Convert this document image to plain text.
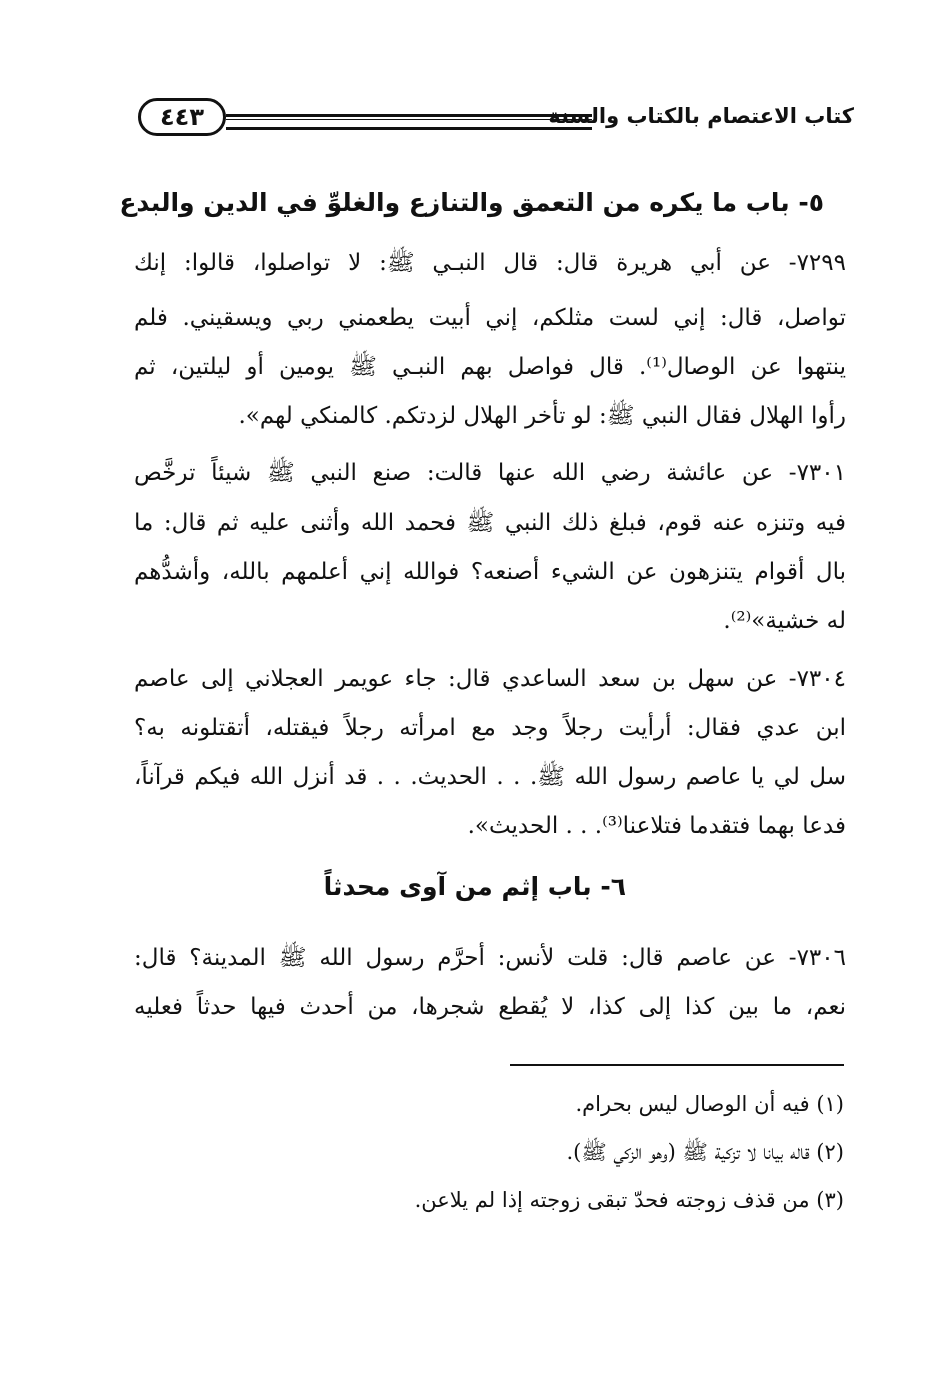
كتاب الاعتصام بالكتاب والسنة
٤٤٣
٥- باب ما يكره من التعمق والتنازع والغلوِّ في الدين والبدع
٧٢٩٩- عن أبي هريرة قال: قال النبـي ﷺ: لا تواصلوا، قالوا: إنك
تواصل، قال: إني لست مثلكم، إني أبيت يطعمني ربي ويسقيني. فلم
ينتهوا عن الوصال⁽¹⁾. قال فواصل بهم النبـي ﷺ يومين أو ليلتين، ثم
رأوا الهلال فقال النبي ﷺ: لو تأخر الهلال لزدتكم. كالمنكي لهم».
٧٣٠١- عن عائشة رضي الله عنها قالت: صنع النبي ﷺ شيئاً ترخَّص
فيه وتنزه عنه قوم، فبلغ ذلك النبي ﷺ فحمد الله وأثنى عليه ثم قال: ما
بال أقوام يتنزهون عن الشيء أصنعه؟ فوالله إني أعلمهم بالله، وأشدُّهم
له خشية»⁽²⁾.
٧٣٠٤- عن سهل بن سعد الساعدي قال: جاء عويمر العجلاني إلى عاصم
ابن عدي فقال: أرأيت رجلاً وجد مع امرأته رجلاً فيقتله، أتقتلونه به؟
سل لي يا عاصم رسول الله ﷺ. . . الحديث. . . قد أنزل الله فيكم قرآناً،
فدعا بهما فتقدما فتلاعنا⁽³⁾. . . الحديث».
٦- باب إثم من آوى محدثاً
٧٣٠٦- عن عاصم قال: قلت لأنس: أحرَّم رسول الله ﷺ المدينة؟ قال:
نعم، ما بين كذا إلى كذا، لا يُقطع شجرها، من أحدث فيها حدثاً فعليه
(١) فيه أن الوصال ليس بحرام.
(٢) قاله بيانا لا تزكية ﷺ (وهو الزكي ﷺ).
(٣) من قذف زوجته فحدّ تبقى زوجته إذا لم يلاعن.
